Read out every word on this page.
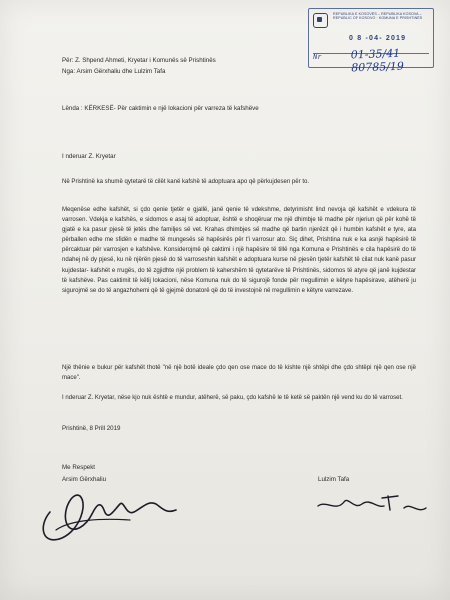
REPUBLIKA E KOSOVËS – REPUBLIKA KOSOVA – REPUBLIC OF KOSOVO · KOMUNA E PRISHTINËS
0 8 -04- 2019
Nr	01-35/41 80785/19
Për: Z. Shpend Ahmeti, Kryetar i Komunës së Prishtinës
Nga: Arsim Gërxhaliu dhe Lulzim Tafa
Lënda : KËRKESË- Për caktimin e një lokacioni për varreza të kafshëve
I nderuar Z. Kryetar
Në Prishtinë ka shumë qytetarë të cilët kanë kafshë të adoptuara apo që përkujdesen për to.
Meqenëse edhe kafshët, si çdo qenie tjetër e gjallë, janë qenie të vdekshme, detyrimisht lind nevoja që kafshët e vdekura të varrosen. Vdekja e kafshës, e sidomos e asaj të adoptuar, është e shoqëruar me një dhimbje të madhe për njeriun që për kohë të gjatë e ka pasur pjesë të jetës dhe familjes së vet. Krahas dhimbjes së madhe që bartin njerëzit që i humbin kafshët e tyre, ata përballen edhe me sfidën e madhe të mungesës së hapësirës për t'i varrosur ato. Siç dihet, Prishtina nuk e ka asnjë hapësirë të përcaktuar për varrosjen e kafshëve. Konsiderojmë që caktimi i një hapësire të tillë nga Komuna e Prishtinës e cila hapësirë do të ndahej në dy pjesë, ku në njërën pjesë do të varroseshin kafshët e adoptuara kurse në pjesën tjetër kafshët të cilat nuk kanë pasur kujdestar- kafshët e rrugës, do të zgjidhte një problem të kahershëm të qytetarëve të Prishtinës, sidomos të atyre që janë kujdestar të kafshëve. Pas caktimit të këtij lokacioni, nëse Komuna nuk do të sigurojë fonde për rregullimin e këtyre hapësirave, atëherë ju sigurojmë se do të angazhohemi që të gjejmë donatorë që do të investojnë në rregullimin e këtyre varrezave.
Një thënie e bukur për kafshët thotë "në një botë ideale çdo qen ose mace do të kishte një shtëpi dhe çdo shtëpi një qen ose një mace".
I nderuar Z. Kryetar, nëse kjo nuk është e mundur, atëherë, së paku, çdo kafshë le të ketë së paktën një vend ku do të varroset.
Prishtinë, 8 Prill 2019
Me Respekt
Arsim Gërxhaliu	Lulzim Tafa
